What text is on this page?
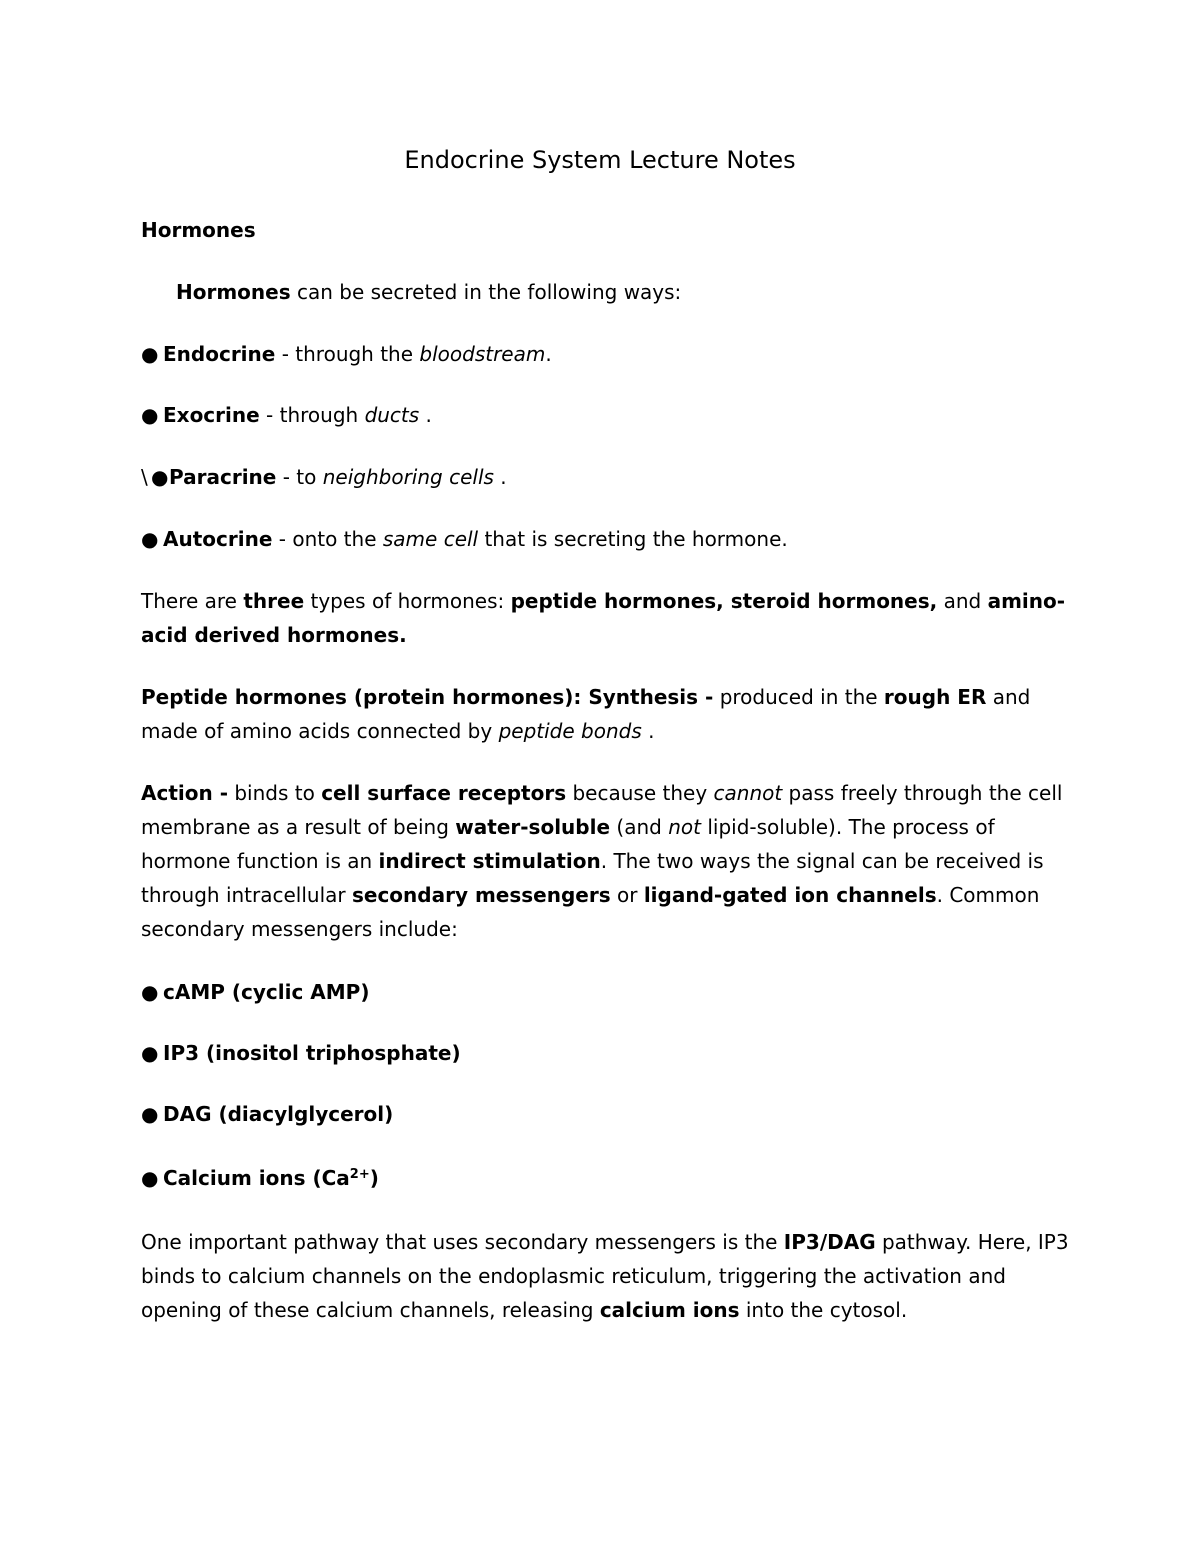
Endocrine System Lecture Notes
Hormones
Hormones can be secreted in the following ways:
● Endocrine - through the bloodstream.
● Exocrine - through ducts .
\ ●Paracrine - to neighboring cells .
● Autocrine - onto the same cell that is secreting the hormone.
There are three types of hormones: peptide hormones, steroid hormones, and amino-
acid derived hormones.
Peptide hormones (protein hormones): Synthesis - produced in the rough ER and
made of amino acids connected by peptide bonds .
Action - binds to cell surface receptors because they cannot pass freely through the cell
membrane as a result of being water-soluble (and not lipid-soluble). The process of
hormone function is an indirect stimulation. The two ways the signal can be received is
through intracellular secondary messengers or ligand-gated ion channels. Common
secondary messengers include:
● cAMP (cyclic AMP)
● IP3 (inositol triphosphate)
● DAG (diacylglycerol)
● Calcium ions $(Ca^{2+})$
One important pathway that uses secondary messengers is the IP3/DAG pathway. Here, IP3
binds to calcium channels on the endoplasmic reticulum, triggering the activation and
opening of these calcium channels, releasing calcium ions into the cytosol.
